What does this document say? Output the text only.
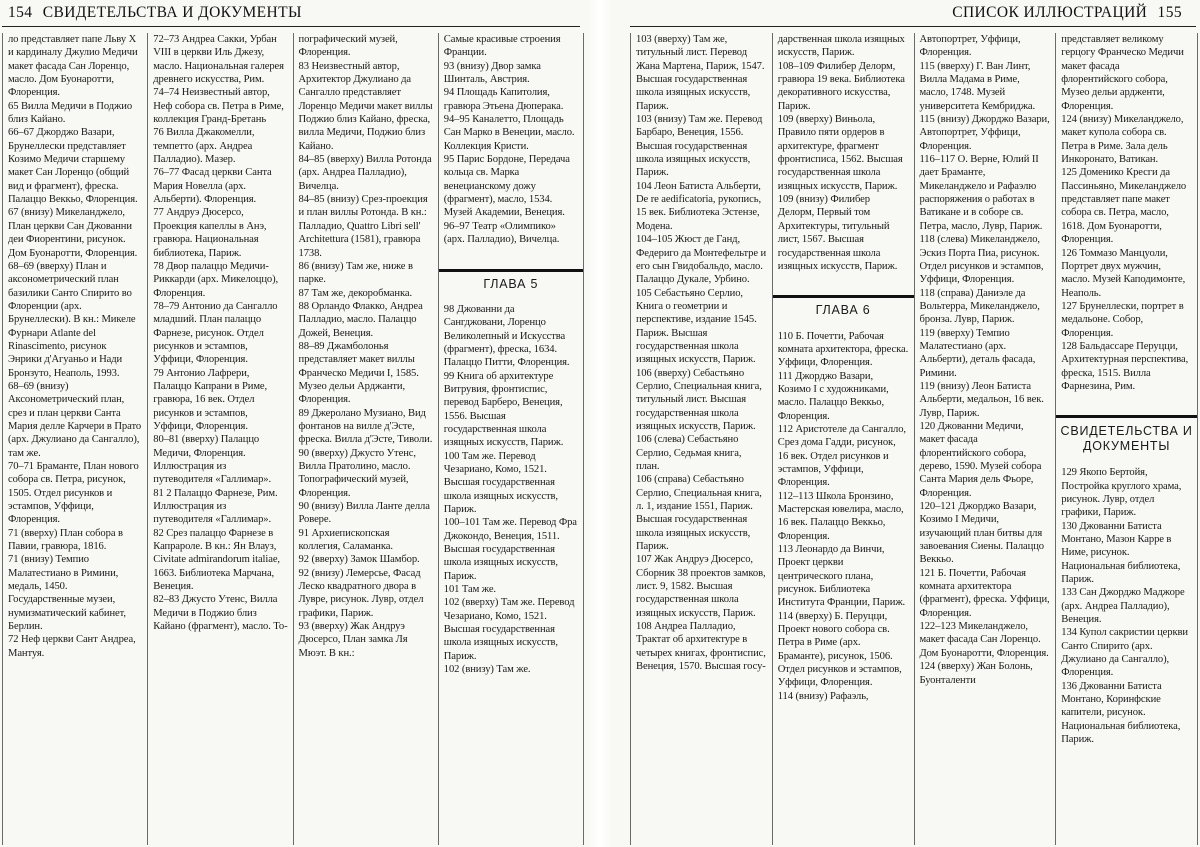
154 СВИДЕТЕЛЬСТВА И ДОКУМЕНТЫ

ло представляет папе Льву X и кардиналу Джулио Медичи макет фасада Сан Лоренцо, масло. Дом Буонаротти, Флоренция.

65 Вилла Медичи в Поджио близ Кайано.

66–67 Джорджо Вазари, Брунеллески представляет Козимо Медичи старшему макет Сан Лоренцо (общий вид и фрагмент), фреска. Палаццо Веккьо, Флоренция.

67 (внизу) Микеланджело, План церкви Сан Джованни деи Фиорентини, рисунок. Дом Буонаротти, Флоренция.

68–69 (вверху) План и аксонометрический план базилики Санто Спирито во Флоренции (арх. Брунеллески). В кн.: Микеле Фурнари Atlante del Rinascimento, рисунок Энрики д'Агуаньо и Нади Бронзуто, Неаполь, 1993.

68–69 (внизу) Аксонометрический план, срез и план церкви Санта Мария делле Карчери в Прато (арх. Джулиано да Сангалло), там же.

70–71 Браманте, План нового собора св. Петра, рисунок, 1505. Отдел рисунков и эстампов, Уффици, Флоренция.

71 (вверху) План собора в Павии, гравюра, 1816.

71 (внизу) Темпио Малатестиано в Римини, медаль, 1450. Государственные музеи, нумизматический кабинет, Берлин.

72 Неф церкви Сант Андреа, Мантуя.

72–73 Андреа Сакки, Урбан VIII в церкви Иль Джезу, масло. Национальная галерея древнего искусства, Рим.

74–74 Неизвестный автор, Неф собора св. Петра в Риме, коллекция Гранд-Бретань

76 Вилла Джакомелли, темпетто (арх. Андреа Палладио). Мазер.

76–77 Фасад церкви Санта Мария Новелла (арх. Альберти). Флоренция.

77 Андруэ Дюсерсо, Проекция капеллы в Анэ, гравюра. Национальная библиотека, Париж.

78 Двор палаццо Медичи-Риккарди (арх. Микелоццо), Флоренция.

78–79 Антонио да Сангалло младший. План палаццо Фарнезе, рисунок. Отдел рисунков и эстампов, Уффици, Флоренция.

79 Антонио Лафрери, Палаццо Капрани в Риме, гравюра, 16 век. Отдел рисунков и эстампов, Уффици, Флоренция.

80–81 (вверху) Палаццо Медичи, Флоренция. Иллюстрация из путеводителя «Галлимар».

81 2 Палаццо Фарнезе, Рим. Иллюстрация из путеводителя «Галлимар».

82 Срез палаццо Фарнезе в Капрароле. В кн.: Ян Влауз, Civitate admirandorum italiae, 1663. Библиотека Марчана, Венеция.

82–83 Джусто Утенс, Вилла Медичи в Поджио близ Кайано (фрагмент), масло. То-

пографический музей, Флоренция.

83 Неизвестный автор, Архитектор Джулиано да Сангалло представляет Лоренцо Медичи макет виллы Поджио близ Кайано, фреска, вилла Медичи, Поджио близ Кайано.

84–85 (вверху) Вилла Ротонда (арх. Андреа Палладио), Вичелца.

84–85 (внизу) Срез-проекция и план виллы Ротонда. В кн.: Палладио, Quattro Libri sell' Architettura (1581), гравюра 1738.

86 (внизу) Там же, ниже в парке.

87 Там же, декоробманка.

88 Орландо Флакко, Андреа Палладио, масло. Палаццо Дожей, Венеция.

88–89 Джамболонья представляет макет виллы Франческо Медичи I, 1585. Музео дельи Арджанти, Флоренция.

89 Джеролано Музиано, Вид фонтанов на вилле д'Эсте, фреска. Вилла д'Эсте, Тиволи.

90 (вверху) Джусто Утенс, Вилла Пратолино, масло. Топографический музей, Флоренция.

90 (внизу) Вилла Ланте делла Ровере.

91 Архиепископская коллегия, Саламанка.

92 (вверху) Замок Шамбор.

92 (внизу) Лемерсье, Фасад Леско квадратного двора в Лувре, рисунок. Лувр, отдел графики, Париж.

93 (вверху) Жак Андруэ Дюсерсо, План замка Ля Мюэт. В кн.:

Самые красивые строения Франции.

93 (внизу) Двор замка Шинталь, Австрия.

94 Площадь Капитолия, гравюра Этьена Дюперака.

94–95 Каналетто, Площадь Сан Марко в Венеции, масло. Коллекция Кристи.

95 Парис Бордоне, Передача кольца св. Марка венецианскому дожу (фрагмент), масло, 1534. Музей Академии, Венеция.

96–97 Театр «Олимпико» (арх. Палладио), Вичелца.

ГЛАВА 5

98 Джованни да Сангджовани, Лоренцо Великолепный и Искусства (фрагмент), фреска, 1634. Палаццо Питти, Флоренция.

99 Книга об архитектуре Витрувия, фронтиспис, перевод Барберо, Венеция, 1556. Высшая государственная школа изящных искусств, Париж.

100 Там же. Перевод Чезариано, Комо, 1521. Высшая государственная школа изящных искусств, Париж.

100–101 Там же. Перевод Фра Джокондо, Венеция, 1511. Высшая государственная школа изящных искусств, Париж.

101 Там же.

102 (вверху) Там же. Перевод Чезариано, Комо, 1521. Высшая государственная школа изящных искусств, Париж.

102 (внизу) Там же.

СПИСОК ИЛЛЮСТРАЦИЙ 155

103 (вверху) Там же, титульный лист. Перевод Жана Мартена, Париж, 1547. Высшая государственная школа изящных искусств, Париж.

103 (внизу) Там же. Перевод Барбаро, Венеция, 1556. Высшая государственная школа изящных искусств, Париж.

104 Леон Батиста Альберти, De re aedificatoria, рукопись, 15 век. Библиотека Эстензе, Модена.

104–105 Жюст де Ганд, Федериго да Монтефельтре и его сын Гвидобальдо, масло. Палаццо Дукале, Урбино.

105 Себастьяно Серлио, Книга о геометрии и перспективе, издание 1545. Париж. Высшая государственная школа изящных искусств, Париж.

106 (вверху) Себастьяно Серлио, Специальная книга, титульный лист. Высшая государственная школа изящных искусств, Париж.

106 (слева) Себастьяно Серлио, Седьмая книга, план.

106 (справа) Себастьяно Серлио, Специальная книга, л. 1, издание 1551, Париж. Высшая государственная школа изящных искусств, Париж.

107 Жак Андруэ Дюсерсо, Сборник 38 проектов замков, лист. 9, 1582. Высшая государственная школа изящных искусств, Париж.

108 Андреа Палладио, Трактат об архитектуре в четырех книгах, фронтиспис, Венеция, 1570. Высшая госу-

дарственная школа изящных искусств, Париж.

108–109 Филибер Делорм, гравюра 19 века. Библиотека декоративного искусства, Париж.

109 (вверху) Виньола, Правило пяти ордеров в архитектуре, фрагмент фронтисписа, 1562. Высшая государственная школа изящных искусств, Париж.

109 (внизу) Филибер Делорм, Первый том Архитектуры, титульный лист, 1567. Высшая государственная школа изящных искусств, Париж.

ГЛАВА 6

110 Б. Почетти, Рабочая комната архитектора, фреска. Уффици, Флоренция.

111 Джорджо Вазари, Козимо I с художниками, масло. Палаццо Веккьо, Флоренция.

112 Аристотеле да Сангалло, Срез дома Гадди, рисунок, 16 век. Отдел рисунков и эстампов, Уффици, Флоренция.

112–113 Школа Бронзино, Мастерская ювелира, масло, 16 век. Палаццо Веккьо, Флоренция.

113 Леонардо да Винчи, Проект церкви центрического плана, рисунок. Библиотека Института Франции, Париж.

114 (вверху) Б. Перуцци, Проект нового собора св. Петра в Риме (арх. Браманте), рисунок, 1506. Отдел рисунков и эстампов, Уффици, Флоренция.

114 (внизу) Рафаэль,

Автопортрет, Уффици, Флоренция.

115 (вверху) Г. Ван Линт, Вилла Мадама в Риме, масло, 1748. Музей университета Кембриджа.

115 (внизу) Джорджо Вазари, Автопортрет, Уффици, Флоренция.

116–117 О. Верне, Юлий II дает Браманте, Микеланджело и Рафаэлю распоряжения о работах в Ватикане и в соборе св. Петра, масло, Лувр, Париж.

118 (слева) Микеланджело, Эскиз Порта Пиа, рисунок. Отдел рисунков и эстампов, Уффици, Флоренция.

118 (справа) Даниэле да Вольтерра, Микеланджело, бронза. Лувр, Париж.

119 (вверху) Темпио Малатестиано (арх. Альберти), деталь фасада, Римини.

119 (внизу) Леон Батиста Альберти, медальон, 16 век. Лувр, Париж.

120 Джованни Медичи, макет фасада флорентийского собора, дерево, 1590. Музей собора Санта Мария дель Фьоре, Флоренция.

120–121 Джорджо Вазари, Козимо I Медичи, изучающий план битвы для завоевания Сиены. Палаццо Веккьо.

121 Б. Почетти, Рабочая комната архитектора (фрагмент), фреска. Уффици, Флоренция.

122–123 Микеланджело, макет фасада Сан Лоренцо. Дом Буонаротти, Флоренция.

124 (вверху) Жан Болонь, Буонталенти

представляет великому герцогу Франческо Медичи макет фасада флорентийского собора, Музео дельи ардженти, Флоренция.

124 (внизу) Микеланджело, макет купола собора св. Петра в Риме. Зала дель Инкоронато, Ватикан.

125 Доменико Кресги да Пассиньяно, Микеланджело представляет папе макет собора св. Петра, масло, 1618. Дом Буонаротти, Флоренция.

126 Томмазо Манцуоли, Портрет двух мужчин, масло. Музей Каподимонте, Неаполь.

127 Брунеллески, портрет в медальоне. Собор, Флоренция.

128 Бальдассаре Перуцци, Архитектурная перспектива, фреска, 1515. Вилла Фарнезина, Рим.

СВИДЕТЕЛЬСТВА И ДОКУМЕНТЫ

129 Якопо Бертойя, Постройка круглого храма, рисунок. Лувр, отдел графики, Париж.

130 Джованни Батиста Монтано, Мазон Карре в Ниме, рисунок. Национальная библиотека, Париж.

133 Сан Джорджо Маджоре (арх. Андреа Палладио), Венеция.

134 Купол сакристии церкви Санто Спирито (арх. Джулиано да Сангалло), Флоренция.

136 Джованни Батиста Монтано, Коринфские капители, рисунок. Национальная библиотека, Париж.
